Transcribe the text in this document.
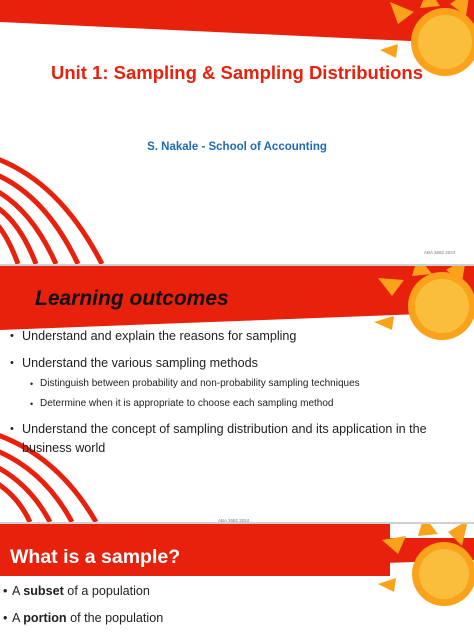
Unit 1: Sampling & Sampling Distributions

S. Nakale - School of Accounting

ABA 3682 2024

Learning outcomes

• Understand and explain the reasons for sampling
• Understand the various sampling methods
• Distinguish between probability and non-probability sampling techniques
• Determine when it is appropriate to choose each sampling method
• Understand the concept of sampling distribution and its application in the business world

ABA 3682 2024

What is a sample?

• A subset of a population
• A portion of the population
